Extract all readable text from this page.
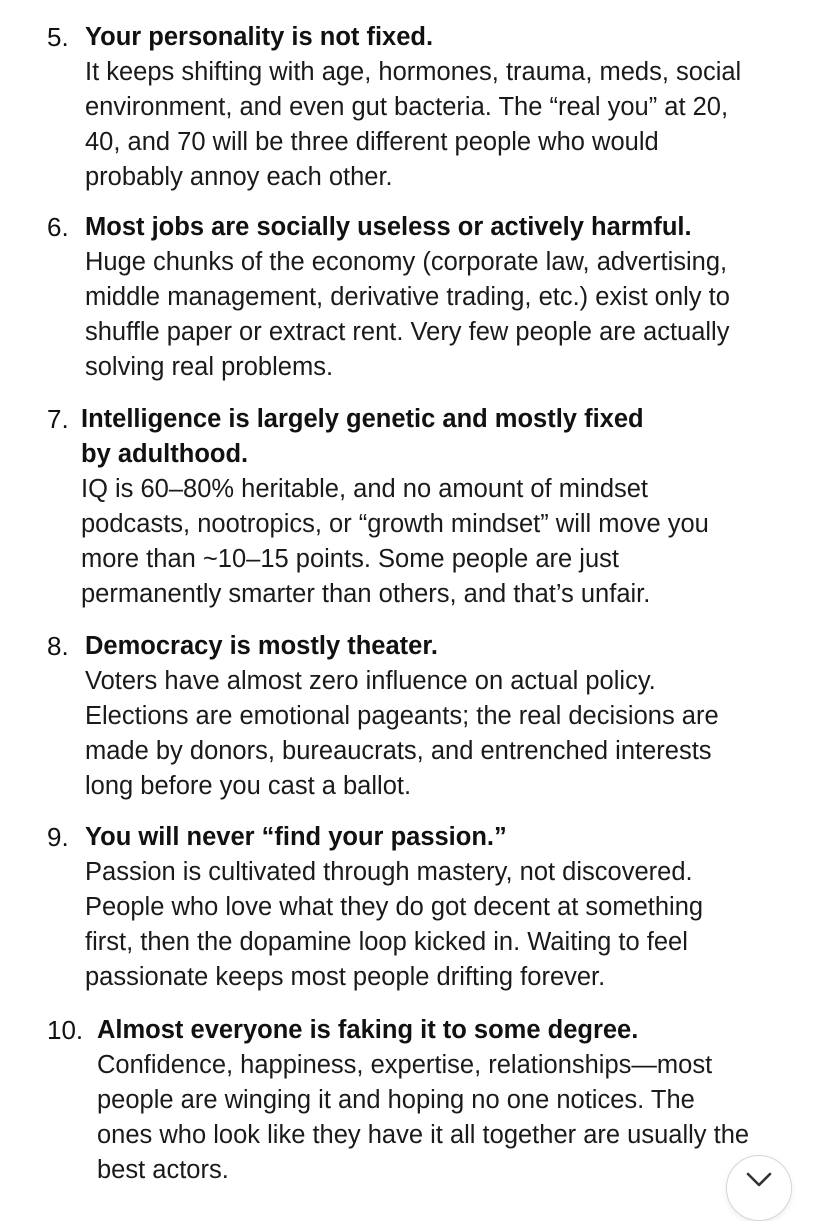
5. Your personality is not fixed.
It keeps shifting with age, hormones, trauma, meds, social
environment, and even gut bacteria. The “real you” at 20,
40, and 70 will be three different people who would
probably annoy each other.
6. Most jobs are socially useless or actively harmful.
Huge chunks of the economy (corporate law, advertising,
middle management, derivative trading, etc.) exist only to
shuffle paper or extract rent. Very few people are actually
solving real problems.
7. Intelligence is largely genetic and mostly fixed
by adulthood.
IQ is 60–80% heritable, and no amount of mindset
podcasts, nootropics, or “growth mindset” will move you
more than ~10–15 points. Some people are just
permanently smarter than others, and that’s unfair.
8. Democracy is mostly theater.
Voters have almost zero influence on actual policy.
Elections are emotional pageants; the real decisions are
made by donors, bureaucrats, and entrenched interests
long before you cast a ballot.
9. You will never “find your passion.”
Passion is cultivated through mastery, not discovered.
People who love what they do got decent at something
first, then the dopamine loop kicked in. Waiting to feel
passionate keeps most people drifting forever.
10. Almost everyone is faking it to some degree.
Confidence, happiness, expertise, relationships—most
people are winging it and hoping no one notices. The
ones who look like they have it all together are usually the
best actors.
